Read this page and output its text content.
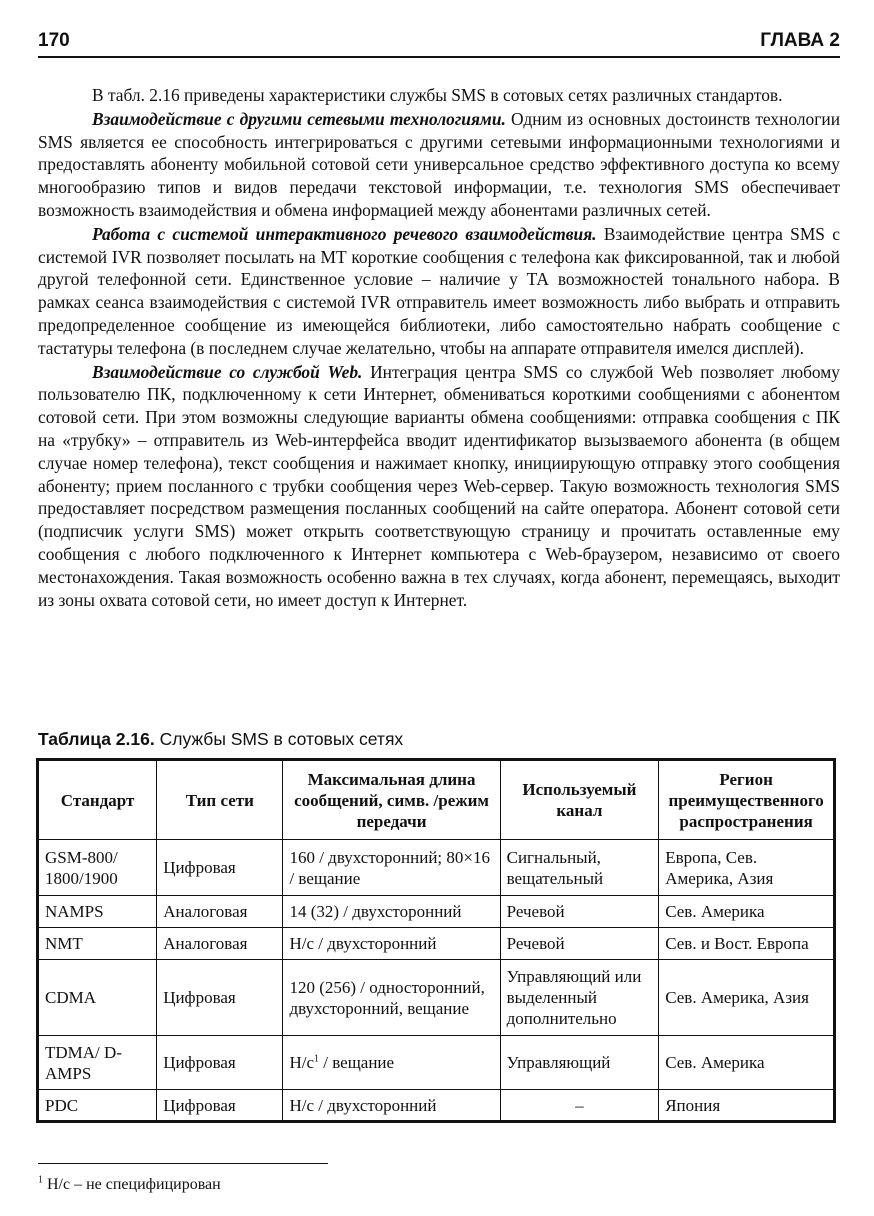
170	ГЛАВА 2

В табл. 2.16 приведены характеристики службы SMS в сотовых сетях различных стандартов.

Взаимодействие с другими сетевыми технологиями. Одним из основных достоинств технологии SMS является ее способность интегрироваться с другими сетевыми информационными технологиями и предоставлять абоненту мобильной сотовой сети универсальное средство эффективного доступа ко всему многообразию типов и видов передачи текстовой информации, т.е. технология SMS обеспечивает возможность взаимодействия и обмена информацией между абонентами различных сетей.

Работа с системой интерактивного речевого взаимодействия. Взаимодействие центра SMS с системой IVR позволяет посылать на МТ короткие сообщения с телефона как фиксированной, так и любой другой телефонной сети. Единственное условие – наличие у ТА возможностей тонального набора. В рамках сеанса взаимодействия с системой IVR отправитель имеет возможность либо выбрать и отправить предопределенное сообщение из имеющейся библиотеки, либо самостоятельно набрать сообщение с тастатуры телефона (в последнем случае желательно, чтобы на аппарате отправителя имелся дисплей).

Взаимодействие со службой Web. Интеграция центра SMS со службой Web позволяет любому пользователю ПК, подключенному к сети Интернет, обмениваться короткими сообщениями с абонентом сотовой сети. При этом возможны следующие варианты обмена сообщениями: отпрaвка сообщения с ПК на «трубку» – отправитель из Web-интерфейса вводит идентификатор вызызваемого абонента (в общем случае номер телефона), текст сообщения и нажимает кнопку, инициирующую отправку этого сообщения абоненту; прием посланного с трубки сообщения через Web-сервер. Такую возможность технология SMS предоставляет посредством размещения посланных сообщений на сайте оператора. Абонент сотовой сети (подписчик услуги SMS) может открыть соответствующую страницу и прочитать оставленные ему сообщения с любого подключенного к Интернет компьютера с Web-браузером, независимо от своего местонахождения. Такая возможность особенно важна в тех случаях, когда абонент, перемещаясь, выходит из зоны охвата сотовой сети, но имеет доступ к Интернет.

Таблица 2.16. Службы SMS в сотовых сетях
Стандарт	Тип сети	Максимальная длина сообщений, симв. /режим передачи	Используемый канал	Регион преимущественного распространения
GSM-800/ 1800/1900	Цифровая	160 / двухсторонний; 80×16 / вещание	Сигнальный, вещательный	Европа, Сев. Америка, Азия
NAMPS	Аналоговая	14 (32) / двухсторонний	Речевой	Сев. Америка
NMT	Аналоговая	Н/с / двухсторонний	Речевой	Сев. и Вост. Европа
CDMA	Цифровая	120 (256) / односторонний, двухсторонний, вещание	Управляющий или выделенный дополнительно	Сев. Америка, Азия
TDMA/ D-AMPS	Цифровая	$Н/с^1$ / вещание	Управляющий	Сев. Америка
PDC	Цифровая	Н/с / двухсторонний	–	Япония
$^1$ Н/с – не специфицирован
